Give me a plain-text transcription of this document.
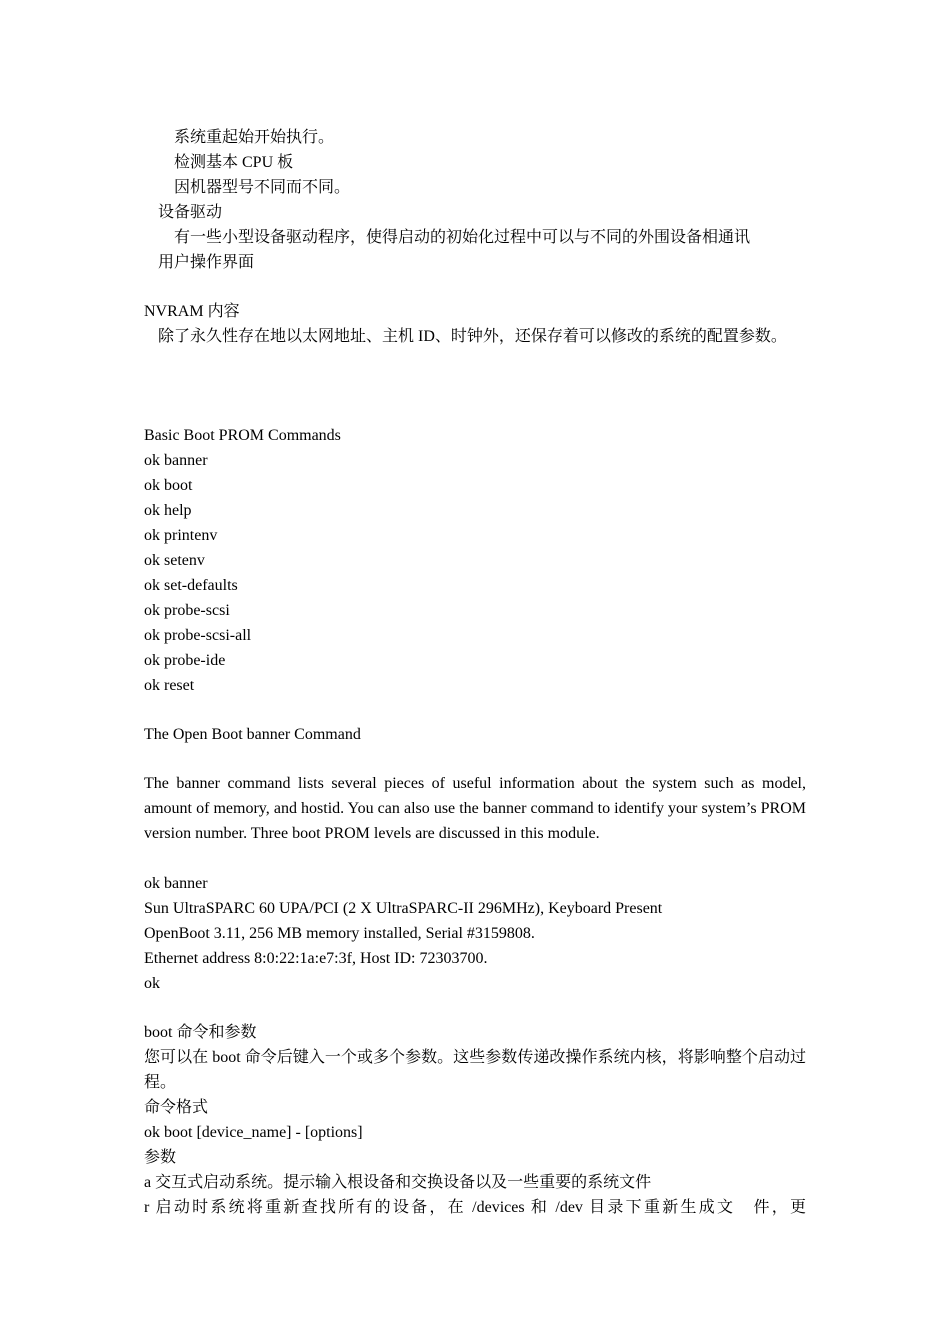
系统重起始开始执行。
检测基本 CPU 板
因机器型号不同而不同。
设备驱动
有一些小型设备驱动程序，使得启动的初始化过程中可以与不同的外围设备相通讯
用户操作界面
NVRAM 内容
除了永久性存在地以太网地址、主机 ID、时钟外，还保存着可以修改的系统的配置参数。
Basic Boot PROM Commands
ok banner
ok boot
ok help
ok printenv
ok setenv
ok set-defaults
ok probe-scsi
ok probe-scsi-all
ok probe-ide
ok reset
The Open Boot banner Command
The banner command lists several pieces of useful information about the system such as model, amount of memory, and hostid. You can also use the banner command to identify your system’s PROM version number. Three boot PROM levels are discussed in this module.
ok banner
Sun UltraSPARC 60 UPA/PCI (2 X UltraSPARC-II 296MHz), Keyboard Present
OpenBoot 3.11, 256 MB memory installed, Serial #3159808.
Ethernet address 8:0:22:1a:e7:3f, Host ID: 72303700.
ok
boot 命令和参数
您可以在 boot 命令后键入一个或多个参数。这些参数传递改操作系统内核，将影响整个启动过程。
命令格式
ok boot [device_name] - [options]
参数
a 交互式启动系统。提示输入根设备和交换设备以及一些重要的系统文件
r 启动时系统将重新查找所有的设备，在 /devices 和 /dev 目录下重新生成文　件，更
